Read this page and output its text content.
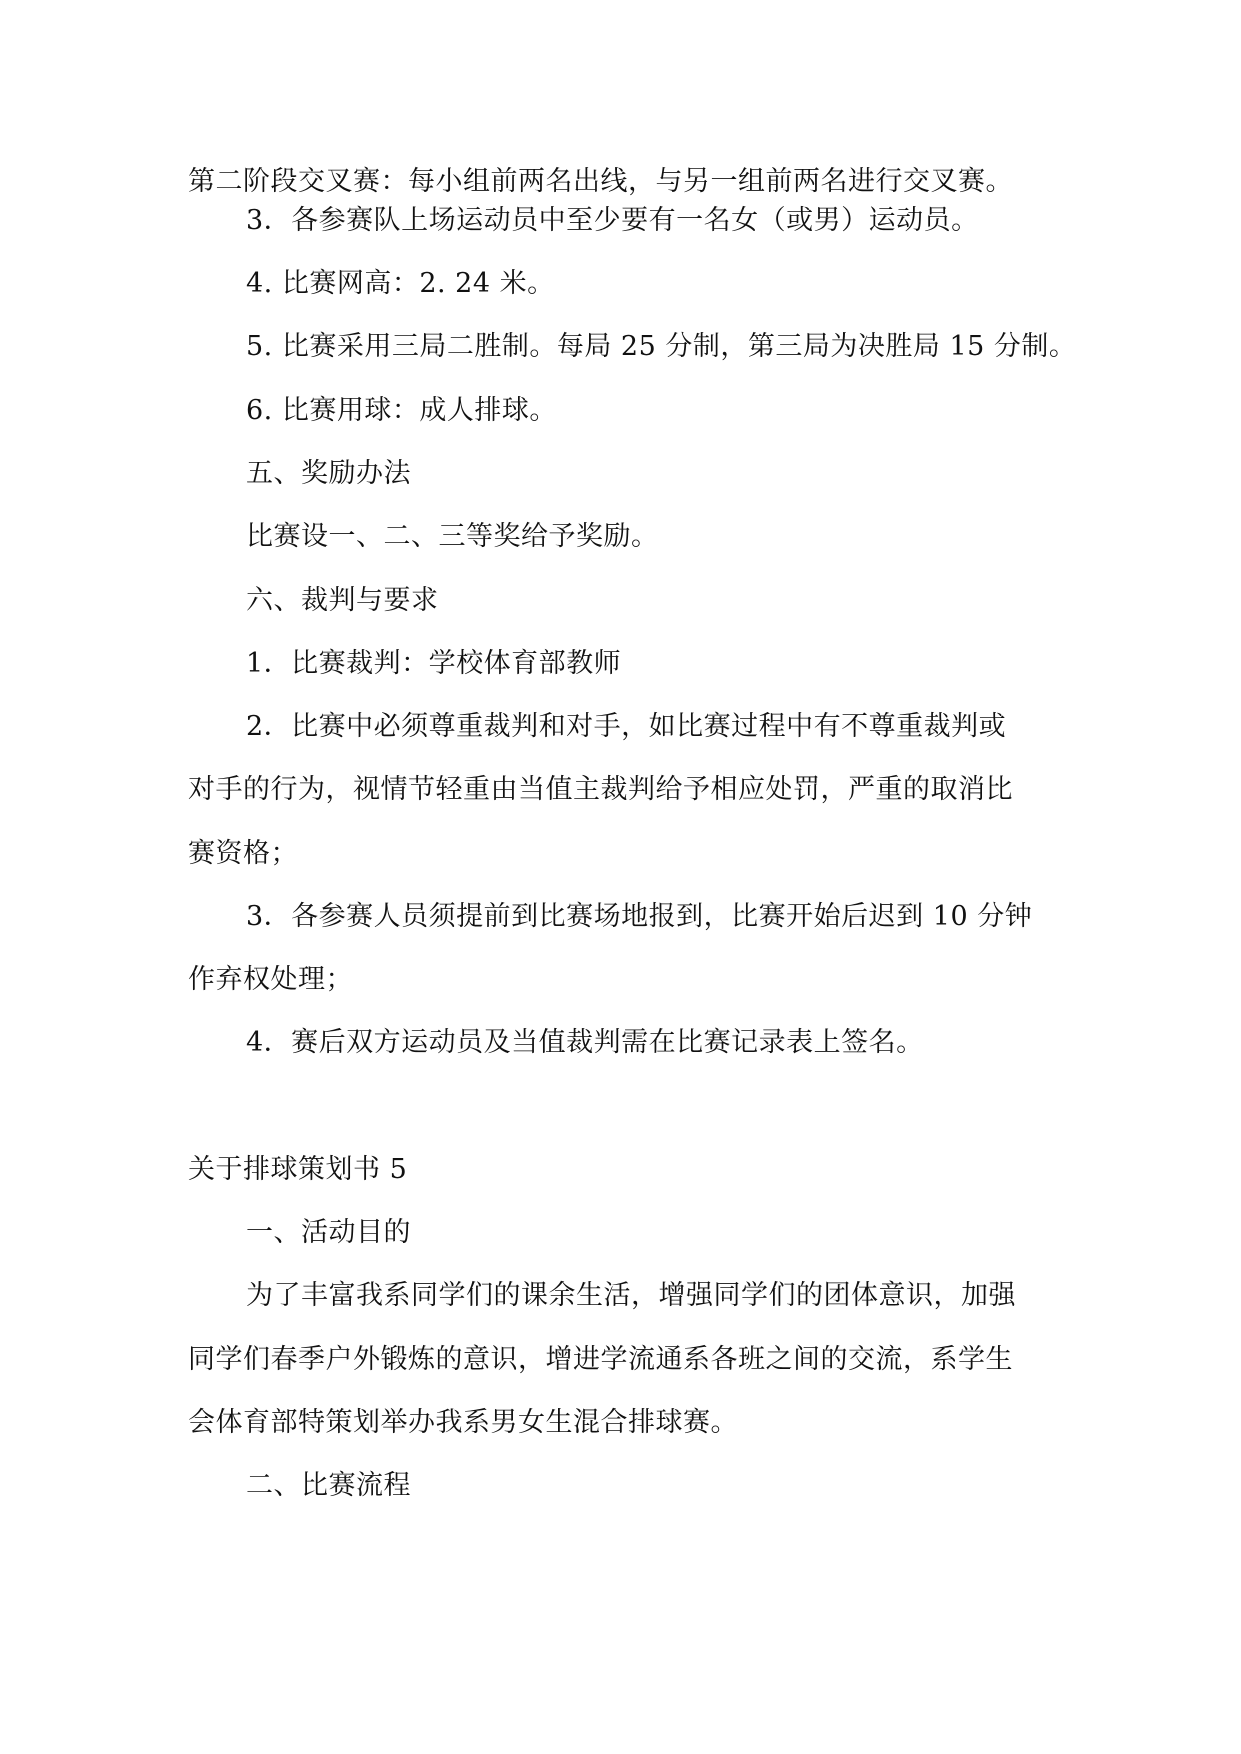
第二阶段交叉赛：每小组前两名出线，与另一组前两名进行交叉赛。
3．各参赛队上场运动员中至少要有一名女（或男）运动员。
4. 比赛网高：2. 24 米。
5. 比赛采用三局二胜制。每局 25 分制，第三局为决胜局 15 分制。
6. 比赛用球：成人排球。
五、奖励办法
比赛设一、二、三等奖给予奖励。
六、裁判与要求
1．比赛裁判：学校体育部教师
2．比赛中必须尊重裁判和对手，如比赛过程中有不尊重裁判或
对手的行为，视情节轻重由当值主裁判给予相应处罚，严重的取消比
赛资格；
3．各参赛人员须提前到比赛场地报到，比赛开始后迟到 10 分钟
作弃权处理；
4．赛后双方运动员及当值裁判需在比赛记录表上签名。
关于排球策划书 5
一、活动目的
为了丰富我系同学们的课余生活，增强同学们的团体意识，加强
同学们春季户外锻炼的意识，增进学流通系各班之间的交流，系学生
会体育部特策划举办我系男女生混合排球赛。
二、比赛流程
